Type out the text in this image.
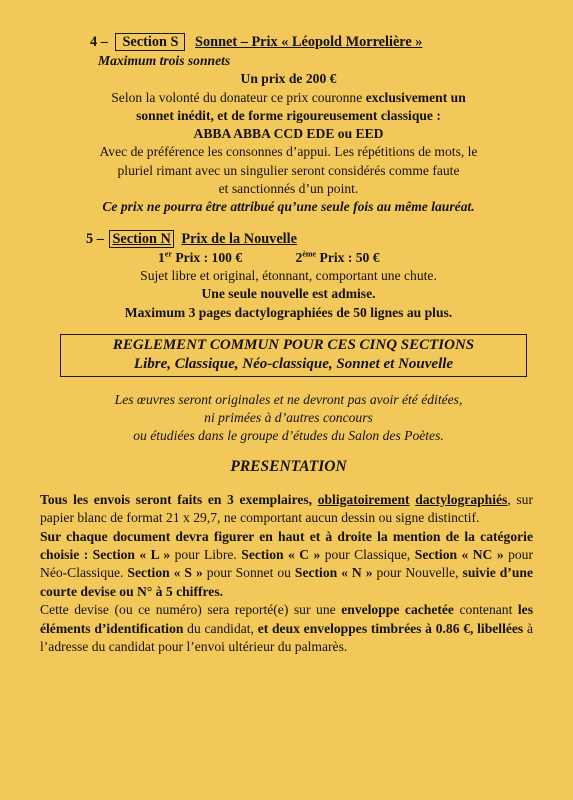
4 – Section S Sonnet – Prix « Léopold Morrelière »
Maximum trois sonnets
Un prix de 200 €
Selon la volonté du donateur ce prix couronne exclusivement un
sonnet inédit, et de forme rigoureusement classique :
ABBA ABBA CCD EDE ou EED
Avec de préférence les consonnes d’appui. Les répétitions de mots, le
pluriel rimant avec un singulier seront considérés comme faute
et sanctionnés d’un point.
Ce prix ne pourra être attribué qu’une seule fois au même lauréat.
5 – Section N Prix de la Nouvelle
1er Prix : 100 €	2ème Prix : 50 €
Sujet libre et original, étonnant, comportant une chute.
Une seule nouvelle est admise.
Maximum 3 pages dactylographiées de 50 lignes au plus.
REGLEMENT COMMUN POUR CES CINQ SECTIONS
Libre, Classique, Néo-classique, Sonnet et Nouvelle
Les œuvres seront originales et ne devront pas avoir été éditées,
ni primées à d’autres concours
ou étudiées dans le groupe d’études du Salon des Poètes.
PRESENTATION
Tous les envois seront faits en 3 exemplaires, obligatoirement dactylographiés, sur papier blanc de format 21 x 29,7, ne comportant aucun dessin ou signe distinctif.
Sur chaque document devra figurer en haut et à droite la mention de la catégorie choisie : Section « L » pour Libre. Section « C » pour Classique, Section « NC » pour Néo-Classique. Section « S » pour Sonnet ou Section « N » pour Nouvelle, suivie d’une courte devise ou N° à 5 chiffres.
Cette devise (ou ce numéro) sera reporté(e) sur une enveloppe cachetée contenant les éléments d’identification du candidat, et deux enveloppes timbrées à 0.86 €, libellées à l’adresse du candidat pour l’envoi ultérieur du palmarès.
